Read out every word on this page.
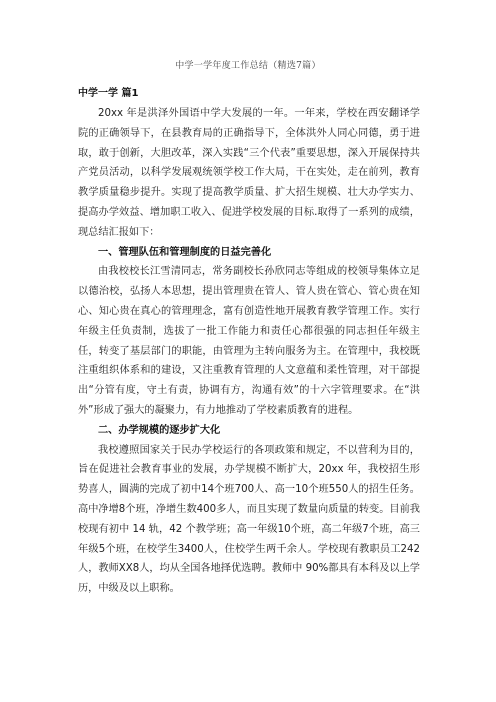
中学一学年度工作总结（精选7篇）

中学一学 篇1

20xx 年是洪泽外国语中学大发展的一年。一年来，学校在西安翻译学院的正确领导下，在县教育局的正确指导下，全体洪外人同心同德，勇于进取，敢于创新，大胆改革，深入实践“三个代表”重要思想，深入开展保持共产党员活动，以科学发展观统领学校工作大局，干在实处，走在前列，教育教学质量稳步提升。实现了提高教学质量、扩大招生规模、壮大办学实力、提高办学效益、增加职工收入、促进学校发展的目标.取得了一系列的成绩，现总结汇报如下：

一、管理队伍和管理制度的日益完善化

由我校校长江雪清同志，常务副校长孙欣同志等组成的校领导集体立足以德治校，弘扬人本思想，提出管理贵在管人、管人贵在管心、管心贵在知心、知心贵在真心的管理理念，富有创造性地开展教育教学管理工作。实行年级主任负责制，选拔了一批工作能力和责任心都很强的同志担任年级主任，转变了基层部门的职能，由管理为主转向服务为主。在管理中，我校既注重组织体系和的建设，又注重教育管理的人文意蕴和柔性管理，对干部提出“分管有度，守土有责，协调有方，沟通有效”的十六字管理要求。在“洪外”形成了强大的凝聚力，有力地推动了学校素质教育的进程。

二、办学规模的逐步扩大化

我校遵照国家关于民办学校运行的各项政策和规定，不以营利为目的，旨在促进社会教育事业的发展，办学规模不断扩大，20xx 年，我校招生形势喜人，圆满的完成了初中14个班700人、高一10个班550人的招生任务。高中净增8个班，净增生数400多人，而且实现了数量向质量的转变。目前我校现有初中 14 轨，42 个教学班；高一年级10个班，高二年级7个班，高三年级5个班，在校学生3400人，住校学生两千余人。学校现有教职员工242人，教师XX8人，均从全国各地择优选聘。教师中 90%都具有本科及以上学历，中级及以上职称。
